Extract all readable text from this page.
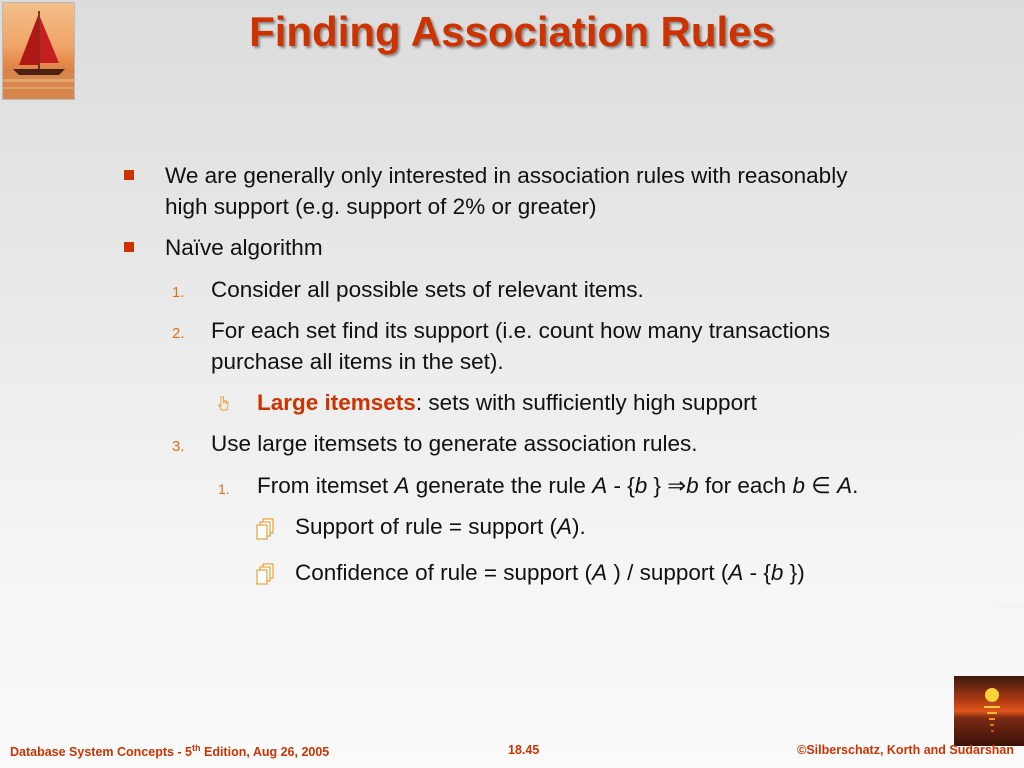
Finding Association Rules

We are generally only interested in association rules with reasonably

high support (e.g. support of 2% or greater)

Naïve algorithm

1. Consider all possible sets of relevant items.

2. For each set find its support (i.e. count how many transactions

purchase all items in the set).

Large itemsets: sets with sufficiently high support

3. Use large itemsets to generate association rules.

1. From itemset A generate the rule A - {b } ⇒b for each b ∈ A.

Support of rule = support (A).

Confidence of rule = support (A ) / support (A - {b })

Database System Concepts - 5th Edition, Aug 26, 2005	18.45	©Silberschatz, Korth and Sudarshan
